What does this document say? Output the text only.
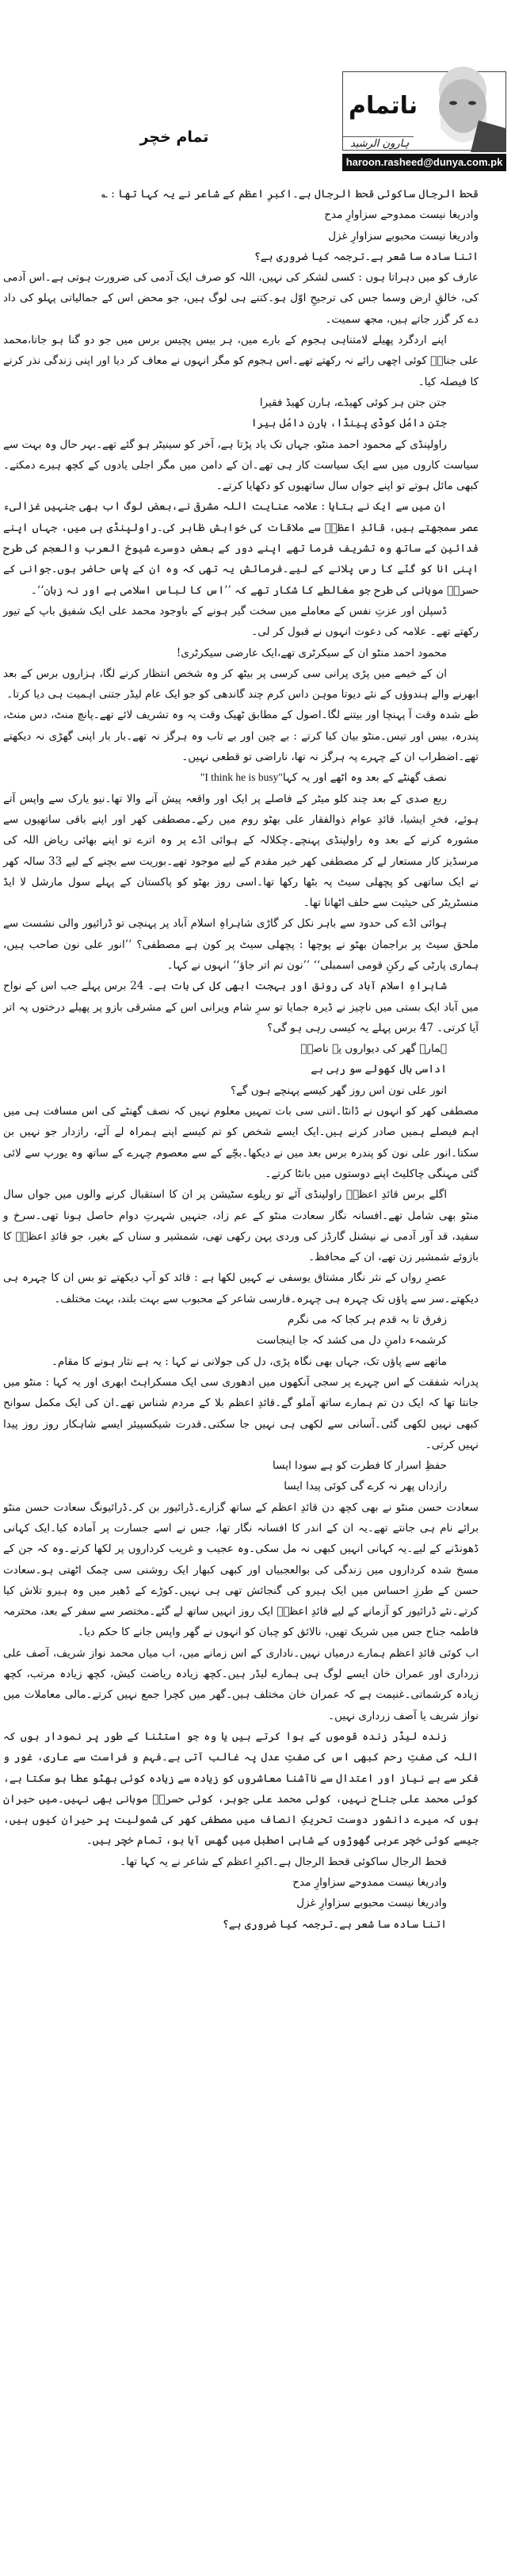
ناتمام
ہارون الرشید
haroon.rasheed@dunya.com.pk
تمام خچر

قحط الرجال ساکوئی قحط الرجال ہے۔اکبرِ اعظم کے شاعر نے یہ کہا تھا : ؎

وادریغا نیست ممدوحے سزاوارِ مدح

وادریغا نیست محبوبے سزاوارِ غزل

اتنا سادہ سا شعر ہے۔ترجمہ کیا ضروری ہے؟

عارف کو میں دہراتا ہوں : کسی لشکر کی نہیں، اللہ کو صرف ایک آدمی کی ضرورت ہوتی ہے۔اس آدمی کی، خالقِ ارض وسما جس کی ترجیحِ اوّل ہو۔کتنے ہی لوگ ہیں، جو محض اس کے جمالیاتی پہلو کی داد دے کر گزر جاتے ہیں، مجھ سمیت۔

اپنے اردگرد پھیلے لامتناہی ہجوم کے بارے میں، ہر بیس پچیس برس میں جو دو گنا ہو جاتا،محمد علی جناحؒ کوئی اچھی رائے نہ رکھتے تھے۔اس ہجوم کو مگر انہوں نے معاف کر دیا اور اپنی زندگی نذر کرنے کا فیصلہ کیا۔

جتن جتن ہر کوئی کھیڈے، ہارن کھیڈ فقیرا

جتن دامُل کوڈی پینڈا، ہارن دامُل ہیرا

راولپنڈی کے محمود احمد منٹو، جہاں تک یاد پڑتا ہے، آخر کو سینیٹر ہو گئے تھے۔بہر حال وہ بہت سے سیاست کاروں میں سے ایک سیاست کار ہی تھے۔ان کے دامن میں مگر اجلی یادوں کے کچھ ہیرے دمکتے۔کبھی مائل ہوتے تو اپنے جواں سال ساتھیوں کو دکھایا کرتے۔

ان میں سے ایک نے بتایا : علامہ عنایت اللہ مشرقی نے،بعض لوگ اب بھی جنہیں غزالیء عصر سمجھتے ہیں، قائدِ اعظمؒ سے ملاقات کی خواہش ظاہر کی۔راولپنڈی ہی میں، جہاں اپنے فدائین کے ساتھ وہ تشریف فرما تھے اپنے دور کے بعض دوسرے شیوخ العرب والعجم کی طرح اپنی انا کو گنّے کا رس پلانے کے لیے۔فرمائش یہ تھی کہ وہ ان کے پاس حاضر ہوں۔جوانی کے حسرتؔ موہانی کی طرح جو مغالطے کا شکار تھے کہ ’’اس کا لباس اسلامی ہے اور نہ زبان‘‘۔

ڈسپلن اور عزتِ نفس کے معاملے میں سخت گیر ہونے کے باوجود محمد علی ایک شفیق باپ کے تیور رکھتے تھے۔ علامہ کی دعوت انہوں نے قبول کر لی۔

محمود احمد منٹو ان کے سیکرٹری تھے،ایک عارضی سیکرٹری!

ان کے خیمے میں پڑی پرانی سی کرسی پر بیٹھ کر وہ شخص انتظار کرنے لگا، ہزاروں برس کے بعد ابھرنے والے ہندوؤں کے نئے دیوتا موہن داس کرم چند گاندھی کو جو ایک عام لیڈر جتنی اہمیت ہی دیا کرتا۔

طے شدہ وقت آ پہنچا اور بیتنے لگا۔اصول کے مطابق ٹھیک وقت پہ وہ تشریف لائے تھے۔پانچ منٹ، دس منٹ، پندرہ، بیس اور تیس۔منٹو بیان کیا کرتے : بے چین اور بے تاب وہ ہرگز نہ تھے۔بار بار اپنی گھڑی نہ دیکھتے تھے۔اضطراب ان کے چہرے پہ ہرگز نہ تھا، ناراضی تو قطعی نہیں۔

نصف گھنٹے کے بعد وہ اٹھے اور یہ کہا"I think he is busy"

ربع صدی کے بعد چند کلو میٹر کے فاصلے پر ایک اور واقعہ پیش آنے والا تھا۔نیو یارک سے واپس آتے ہوئے، فخرِ ایشیا، قائدِ عوام ذوالفقار علی بھٹو روم میں رکے۔مصطفی کھر اور اپنے باقی ساتھیوں سے مشورہ کرنے کے بعد وہ راولپنڈی پہنچے۔چکلالہ کے ہوائی اڈے پر وہ اترے تو اپنے بھائی ریاض اللہ کی مرسڈیز کار مستعار لے کر مصطفی کھر خیر مقدم کے لیے موجود تھے۔بوریت سے بچنے کے لیے 33 سالہ کھر نے ایک ساتھی کو پچھلی سیٹ پہ بٹھا رکھا تھا۔اسی روز بھٹو کو پاکستان کے پہلے سول مارشل لا ایڈ منسٹریٹر کی حیثیت سے حلف اٹھانا تھا۔

ہوائی اڈے کی حدود سے باہر نکل کر گاڑی شاہراہِ اسلام آباد پر پہنچی تو ڈرائیور والی نشست سے ملحق سیٹ پر براجمان بھٹو نے پوچھا : پچھلی سیٹ پر کون ہے مصطفی؟ ’’انور علی نون صاحب ہیں، ہماری پارٹی کے رکنِ قومی اسمبلی‘‘ ’’نون تم اتر جاؤ‘‘ انہوں نے کہا۔

شاہراہِ اسلام آباد کی رونق اور بہجت ابھی کل کی بات ہے۔ 24 برس پہلے جب اس کے نواح میں آباد ایک بستی میں ناچیز نے ڈیرہ جمایا تو سرِ شام ویرانی اس کے مشرقی بازو پر پھیلے درختوں پہ اتر آیا کرتی۔ 47 برس پہلے یہ کیسی رہی ہو گی؟

ہمارے گھر کی دیواروں پہ ناصرؔ

اداسی بال کھولے سو رہی ہے

انور علی نون اس روز گھر کیسے پہنچے ہوں گے؟

مصطفی کھر کو انہوں نے ڈانٹا۔اتنی سی بات تمہیں معلوم نہیں کہ نصف گھنٹے کی اس مسافت ہی میں اہم فیصلے ہمیں صادر کرنے ہیں۔ایک ایسے شخص کو تم کیسے اپنے ہمراہ لے آئے، رازدار جو نہیں بن سکتا۔انور علی نون کو پندرہ برس بعد میں نے دیکھا۔بچّے کے سے معصوم چہرے کے ساتھ وہ یورپ سے لائی گئی مہنگی چاکلیٹ اپنے دوستوں میں بانٹا کرتے۔

اگلے برس قائدِ اعظمؒ راولپنڈی آئے تو ریلوے سٹیشن پر ان کا استقبال کرنے والوں میں جواں سال منٹو بھی شامل تھے۔افسانہ نگار سعادت منٹو کے عم زاد، جنہیں شہرتِ دوام حاصل ہونا تھی۔سرخ و سفید، قد آور آدمی نے نیشنل گارڈز کی وردی پہن رکھی تھی، شمشیر و سناں کے بغیر، جو قائدِ اعظمؒ کا بازوئے شمشیر زن تھے، ان کے محافظ۔

عصرِ رواں کے نثر نگار مشتاق یوسفی نے کہیں لکھا ہے : قائد کو آپ دیکھتے تو بس ان کا چہرہ ہی دیکھتے۔سر سے پاؤں تک چہرہ ہی چہرہ۔فارسی شاعر کے محبوب سے بہت بلند، بہت مختلف۔

زفرق تا بہ قدم ہر کجا کہ می نگرم

کرشمہء دامنِ دل می کشد کہ جا اینجاست

ماتھے سے پاؤں تک، جہاں بھی نگاہ پڑی، دل کی جولانی نے کہا : یہ ہے نثار ہونے کا مقام۔

پدرانہ شفقت کے اس چہرے پر سجی آنکھوں میں ادھوری سی ایک مسکراہٹ ابھری اور یہ کہا : منٹو میں جانتا تھا کہ ایک دن تم ہمارے ساتھ آملو گے۔قائدِ اعظم بلا کے مردم شناس تھے۔ان کی ایک مکمل سوانح کبھی نہیں لکھی گئی۔آسانی سے لکھی ہی نہیں جا سکتی۔قدرت شیکسپیئر ایسے شاہکار روز روز پیدا نہیں کرتی۔

حفظِ اسرار کا فطرت کو ہے سودا ایسا

رازداں پھر نہ کرے گی کوئی پیدا ایسا

سعادت حسن منٹو نے بھی کچھ دن قائدِ اعظم کے ساتھ گزارے۔ڈرائیور بن کر۔ڈرائیونگ سعادت حسن منٹو برائے نام ہی جانتے تھے۔یہ ان کے اندر کا افسانہ نگار تھا، جس نے اسے جسارت پر آمادہ کیا۔ایک کہانی ڈھونڈنے کے لیے۔یہ کہانی انہیں کبھی نہ مل سکی۔وہ عجیب و غریب کرداروں پر لکھا کرتے۔وہ کہ جن کے مسخ شدہ کرداروں میں زندگی کی بوالعجبیاں اور کبھی کبھار ایک روشنی سی چمک اٹھتی ہو۔سعادت حسن کے طرزِ احساس میں ایک ہیرو کی گنجائش تھی ہی نہیں۔کوڑے کے ڈھیر میں وہ ہیرو تلاش کیا کرتے۔نئے ڈرائیور کو آزمانے کے لیے قائدِ اعظمؒ ایک روز انہیں ساتھ لے گئے۔مختصر سے سفر کے بعد، محترمہ فاطمہ جناح جس میں شریک تھیں، نالائق کو چبان کو انہوں نے گھر واپس جانے کا حکم دیا۔

اب کوئی قائدِ اعظم ہمارے درمیاں نہیں۔ناداری کے اس زمانے میں، اب میاں محمد نواز شریف، آصف علی زرداری اور عمران خان ایسے لوگ ہی ہمارے لیڈر ہیں۔کچھ زیادہ ریاضت کیش، کچھ زیادہ مرتب، کچھ زیادہ کرشماتی۔غنیمت ہے کہ عمران خان مختلف ہیں۔گھر میں کچرا جمع نہیں کرتے۔مالی معاملات میں نواز شریف یا آصف زرداری نہیں۔

زندہ لیڈر زندہ قوموں کے ہوا کرتے ہیں یا وہ جو استثنا کے طور پر نمودار ہوں کہ اللہ کی صفتِ رحم کبھی اس کی صفتِ عدل پہ غالب آتی ہے۔فہم و فراست سے عاری، غور و فکر سے بے نیاز اور اعتدال سے ناآشنا معاشروں کو زیادہ سے زیادہ کوئی بھٹو عطا ہو سکتا ہے، کوئی محمد علی جناح نہیں، کوئی محمد علی جوہر، کوئی حسرتؔ موہانی بھی نہیں۔میں حیران ہوں کہ میرے دانشور دوست تحریکِ انصاف میں مصطفی کھر کی شمولیت پر حیران کیوں ہیں، جیسے کوئی خچر عربی گھوڑوں کے شاہی اصطبل میں گھس آیا ہو، تمام خچر ہیں۔

قحط الرجال ساکوئی قحط الرجال ہے۔اکبرِ اعظم کے شاعر نے یہ کہا تھا۔

وادریغا نیست ممدوحے سزاوارِ مدح

وادریغا نیست محبوبے سزاوارِ غزل

اتنا سادہ سا شعر ہے۔ترجمہ کیا ضروری ہے؟
